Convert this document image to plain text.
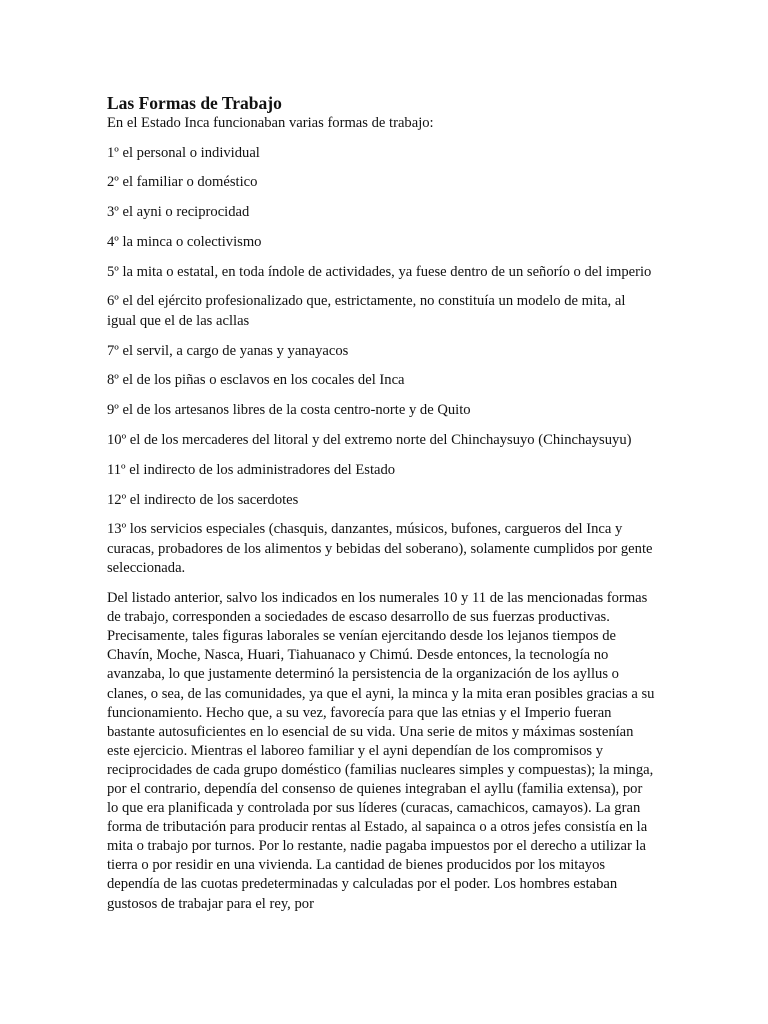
Las Formas de Trabajo

En el Estado Inca funcionaban varias formas de trabajo:

1º el personal o individual

2º el familiar o doméstico

3º el ayni o reciprocidad

4º la minca o colectivismo

5º la mita o estatal, en toda índole de actividades, ya fuese dentro de un señorío o del imperio

6º el del ejército profesionalizado que, estrictamente, no constituía un modelo de mita, al igual que el de las acllas

7º el servil, a cargo de yanas y yanayacos

8º el de los piñas o esclavos en los cocales del Inca

9º el de los artesanos libres de la costa centro-norte y de Quito

10º el de los mercaderes del litoral y del extremo norte del Chinchaysuyo (Chinchaysuyu)

11º el indirecto de los administradores del Estado

12º el indirecto de los sacerdotes

13º los servicios especiales (chasquis, danzantes, músicos, bufones, cargueros del Inca y curacas, probadores de los alimentos y bebidas del soberano), solamente cumplidos por gente seleccionada.

Del listado anterior, salvo los indicados en los numerales 10 y 11 de las mencionadas formas de trabajo, corresponden a sociedades de escaso desarrollo de sus fuerzas productivas. Precisamente, tales figuras laborales se venían ejercitando desde los lejanos tiempos de Chavín, Moche, Nasca, Huari, Tiahuanaco y Chimú. Desde entonces, la tecnología no avanzaba, lo que justamente determinó la persistencia de la organización de los ayllus o clanes, o sea, de las comunidades, ya que el ayni, la minca y la mita eran posibles gracias a su funcionamiento. Hecho que, a su vez, favorecía para que las etnias y el Imperio fueran bastante autosuficientes en lo esencial de su vida. Una serie de mitos y máximas sostenían este ejercicio. Mientras el laboreo familiar y el ayni dependían de los compromisos y reciprocidades de cada grupo doméstico (familias nucleares simples y compuestas); la minga, por el contrario, dependía del consenso de quienes integraban el ayllu (familia extensa), por lo que era planificada y controlada por sus líderes (curacas, camachicos, camayos). La gran forma de tributación para producir rentas al Estado, al sapainca o a otros jefes consistía en la mita o trabajo por turnos. Por lo restante, nadie pagaba impuestos por el derecho a utilizar la tierra o por residir en una vivienda. La cantidad de bienes producidos por los mitayos dependía de las cuotas predeterminadas y calculadas por el poder. Los hombres estaban gustosos de trabajar para el rey, por
